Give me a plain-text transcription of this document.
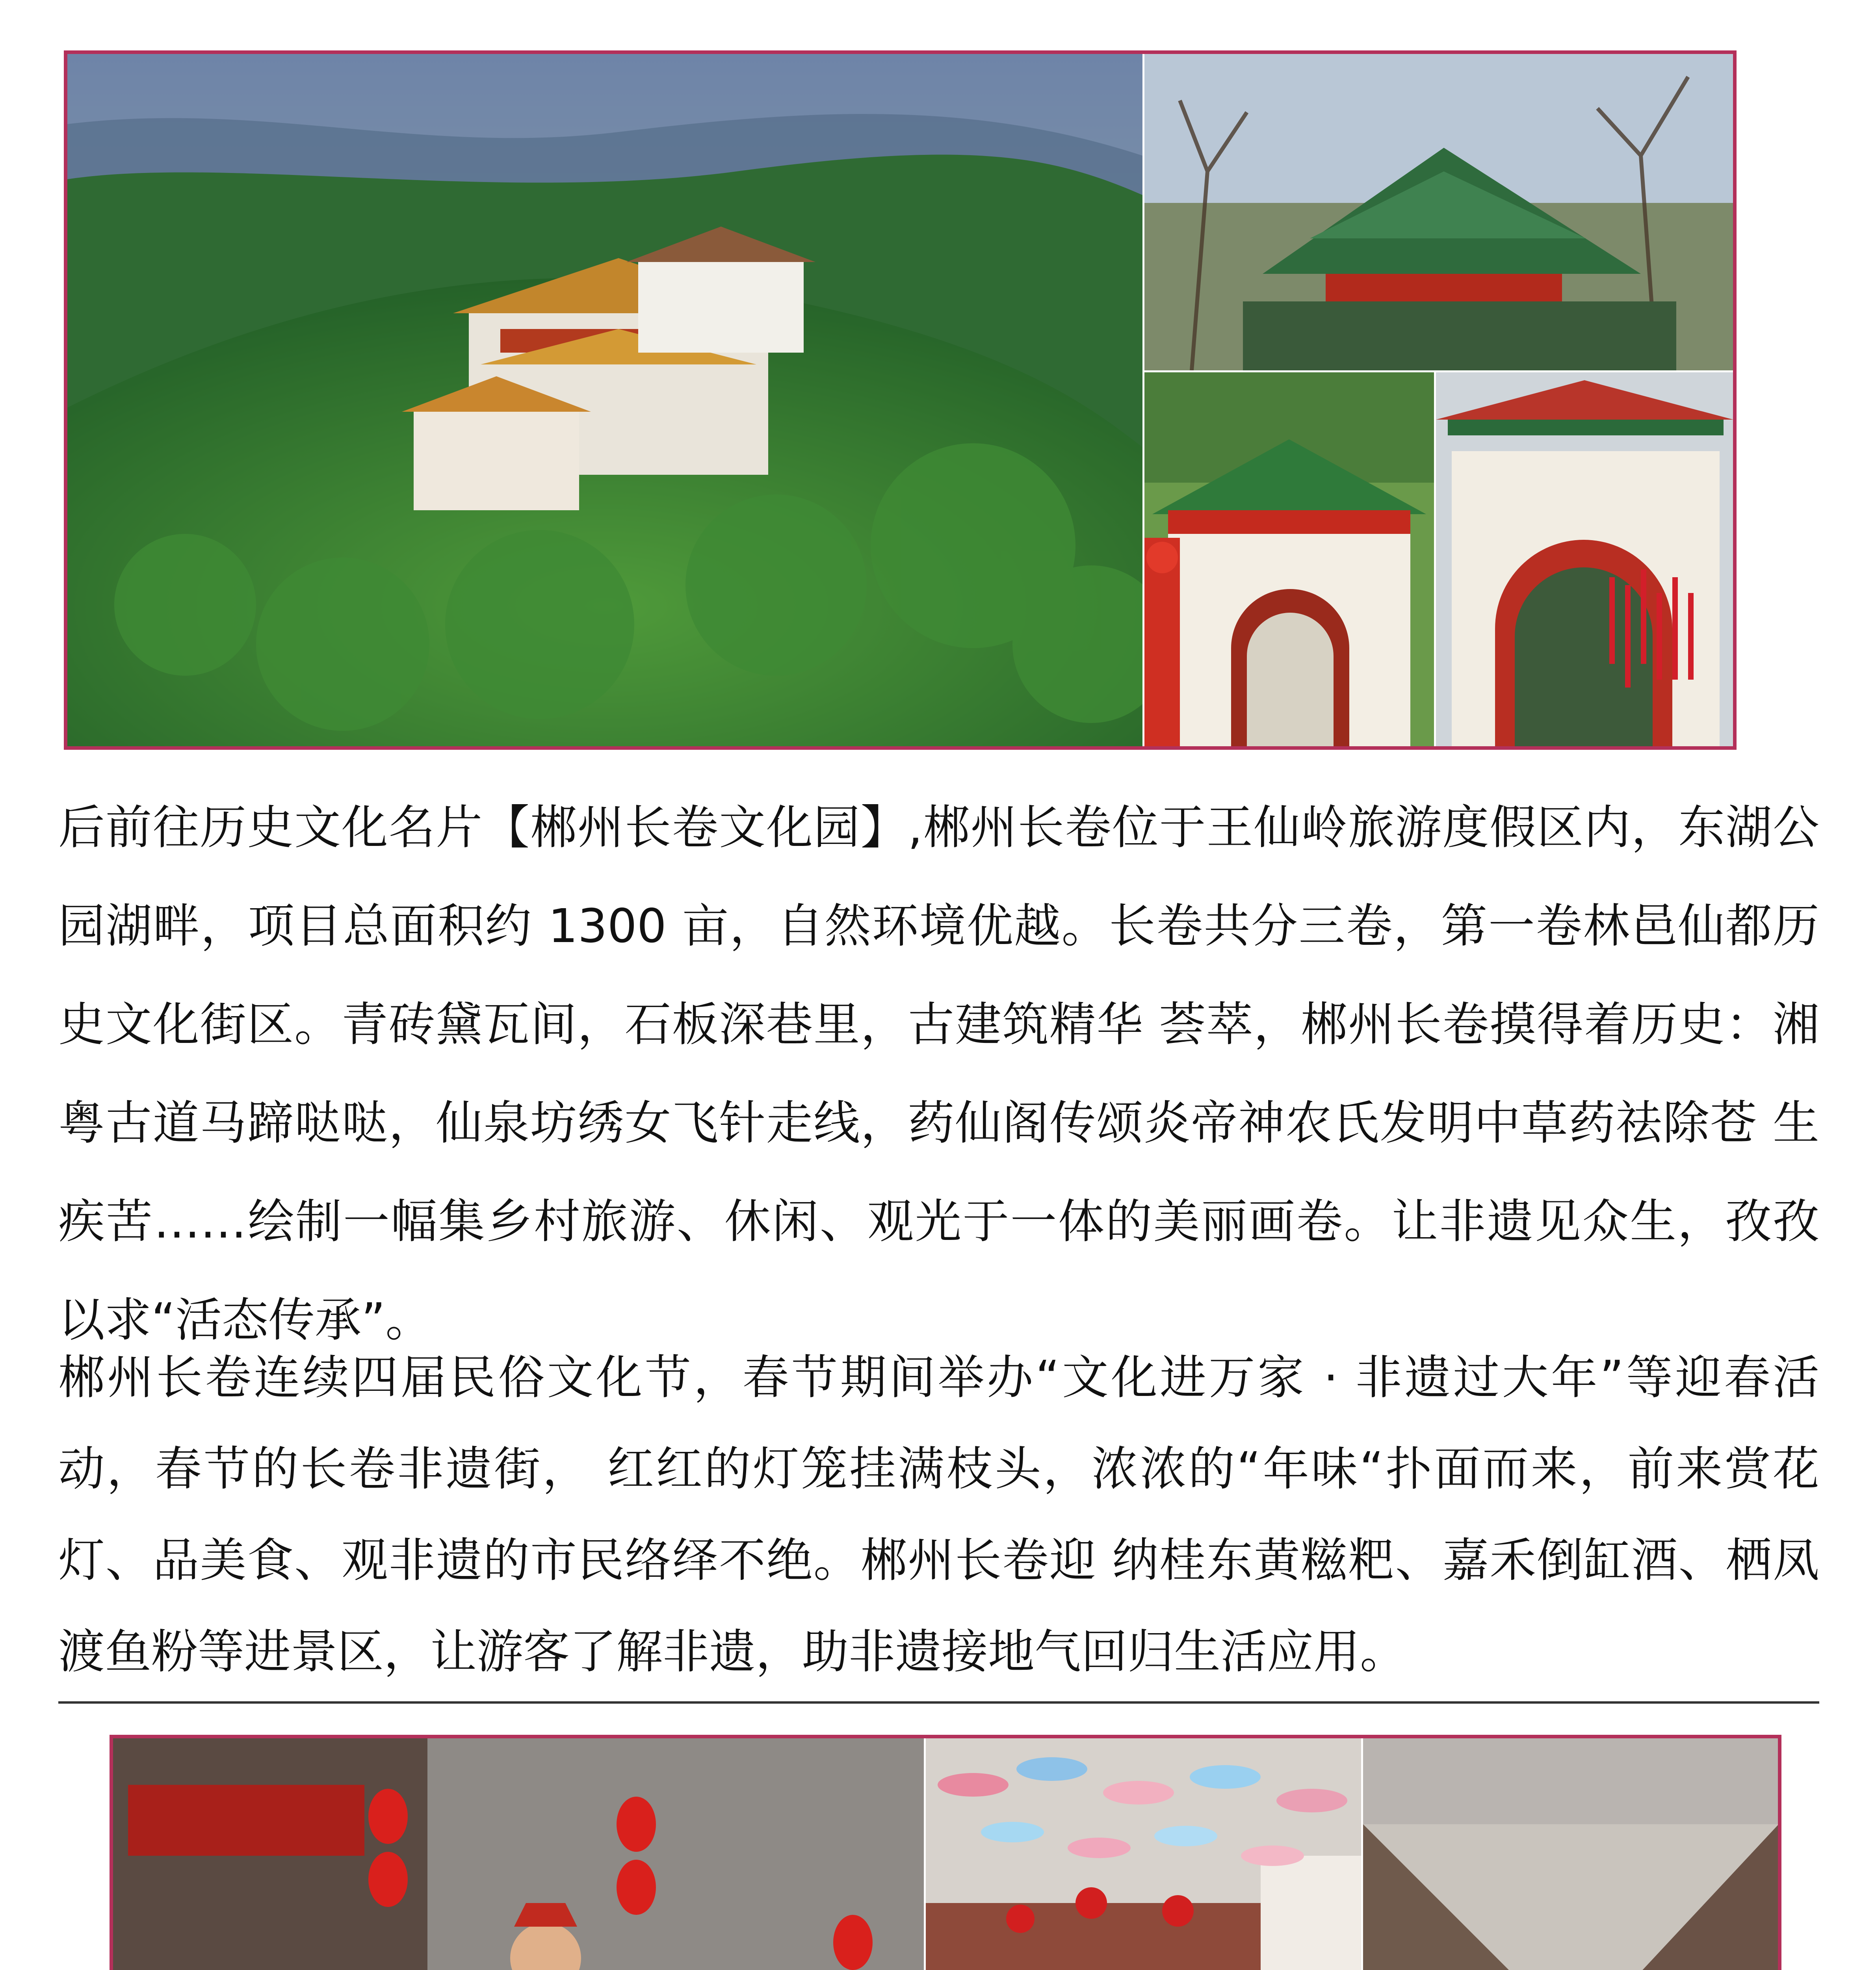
后前往历史文化名片【郴州长卷文化园】,郴州长卷位于王仙岭旅游度假区内，东湖公园湖畔，项目总面积约 1300 亩，自然环境优越。长卷共分三卷，第一卷林邑仙都历史文化街区。青砖黛瓦间，石板深巷里，古建筑精华 荟萃，郴州长卷摸得着历史：湘粤古道马蹄哒哒，仙泉坊绣女飞针走线，药仙阁传颂炎帝神农氏发明中草药祛除苍 生疾苦……绘制一幅集乡村旅游、休闲、观光于一体的美丽画卷。让非遗见众生，孜孜以求“活态传承”。

郴州长卷连续四届民俗文化节，春节期间举办“文化进万家 · 非遗过大年”等迎春活动，春节的长卷非遗街， 红红的灯笼挂满枝头，浓浓的“年味“扑面而来，前来赏花灯、品美食、观非遗的市民络绎不绝。郴州长卷迎 纳桂东黄糍粑、嘉禾倒缸酒、栖凤渡鱼粉等进景区，让游客了解非遗，助非遗接地气回归生活应用。
